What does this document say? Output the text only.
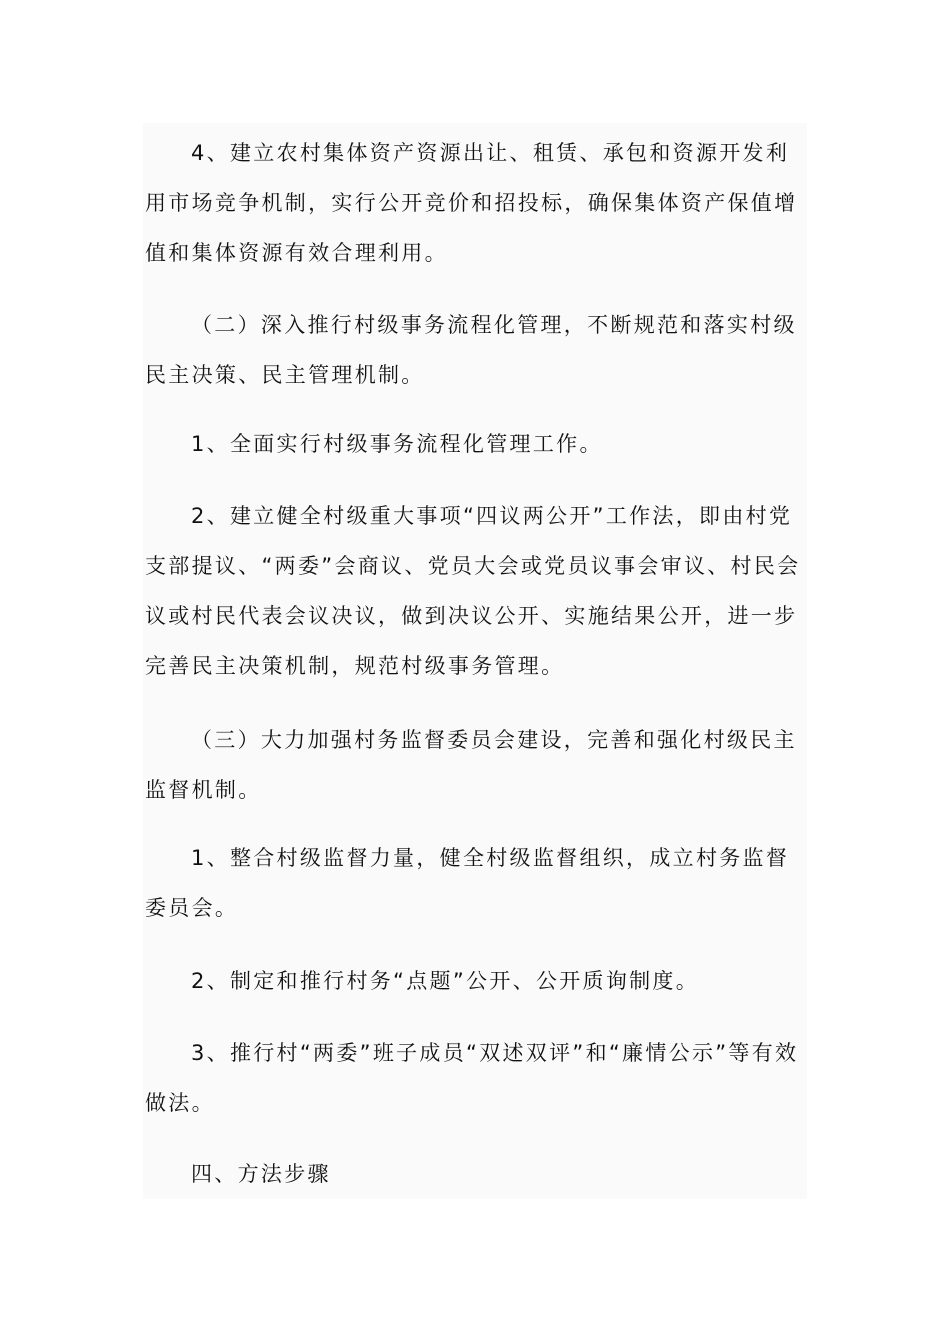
4、建立农村集体资产资源出让、租赁、承包和资源开发利用市场竞争机制，实行公开竞价和招投标，确保集体资产保值增值和集体资源有效合理利用。

（二）深入推行村级事务流程化管理，不断规范和落实村级民主决策、民主管理机制。

1、全面实行村级事务流程化管理工作。

2、建立健全村级重大事项“四议两公开”工作法，即由村党支部提议、“两委”会商议、党员大会或党员议事会审议、村民会议或村民代表会议决议，做到决议公开、实施结果公开，进一步完善民主决策机制，规范村级事务管理。

（三）大力加强村务监督委员会建设，完善和强化村级民主监督机制。

1、整合村级监督力量，健全村级监督组织，成立村务监督委员会。

2、制定和推行村务“点题”公开、公开质询制度。

3、推行村“两委”班子成员“双述双评”和“廉情公示”等有效做法。

四、方法步骤
